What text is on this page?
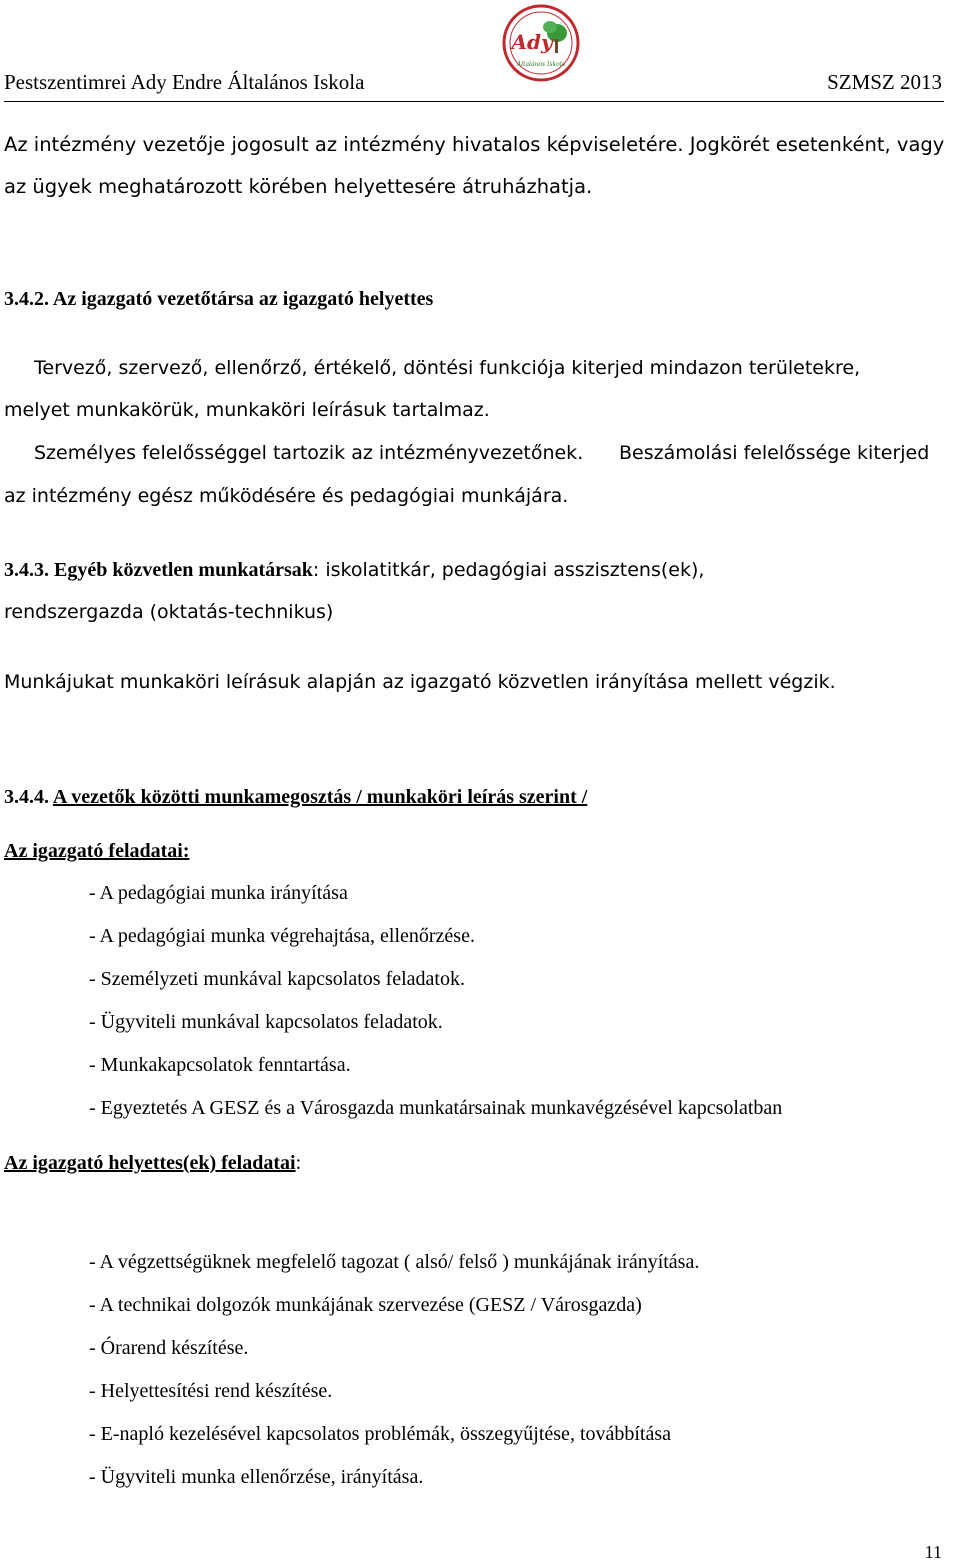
Pestszentimrei Ady Endre Általános Iskola
Ady
Általános Iskola
SZMSZ 2013
Az intézmény vezetője jogosult az intézmény hivatalos képviseletére. Jogkörét esetenként, vagy
az ügyek meghatározott körében helyettesére átruházhatja.
3.4.2. Az igazgató vezetőtársa az igazgató helyettes
Tervező, szervező, ellenőrző, értékelő, döntési funkciója kiterjed mindazon területekre,
melyet munkakörük, munkaköri leírásuk tartalmaz.
Személyes felelősséggel tartozik az intézményvezetőnek. Beszámolási felelőssége kiterjed
az intézmény egész működésére és pedagógiai munkájára.
3.4.3. Egyéb közvetlen munkatársak: iskolatitkár, pedagógiai asszisztens(ek),
rendszergazda (oktatás-technikus)
Munkájukat munkaköri leírásuk alapján az igazgató közvetlen irányítása mellett végzik.
3.4.4. A vezetők közötti munkamegosztás / munkaköri leírás szerint /
Az igazgató feladatai:
- A pedagógiai munka irányítása
- A pedagógiai munka végrehajtása, ellenőrzése.
- Személyzeti munkával kapcsolatos feladatok.
- Ügyviteli munkával kapcsolatos feladatok.
- Munkakapcsolatok fenntartása.
- Egyeztetés A GESZ és a Városgazda munkatársainak munkavégzésével kapcsolatban
Az igazgató helyettes(ek) feladatai:
- A végzettségüknek megfelelő tagozat ( alsó/ felső ) munkájának irányítása.
- A technikai dolgozók munkájának szervezése (GESZ / Városgazda)
- Órarend készítése.
- Helyettesítési rend készítése.
- E-napló kezelésével kapcsolatos problémák, összegyűjtése, továbbítása
- Ügyviteli munka ellenőrzése, irányítása.
11
